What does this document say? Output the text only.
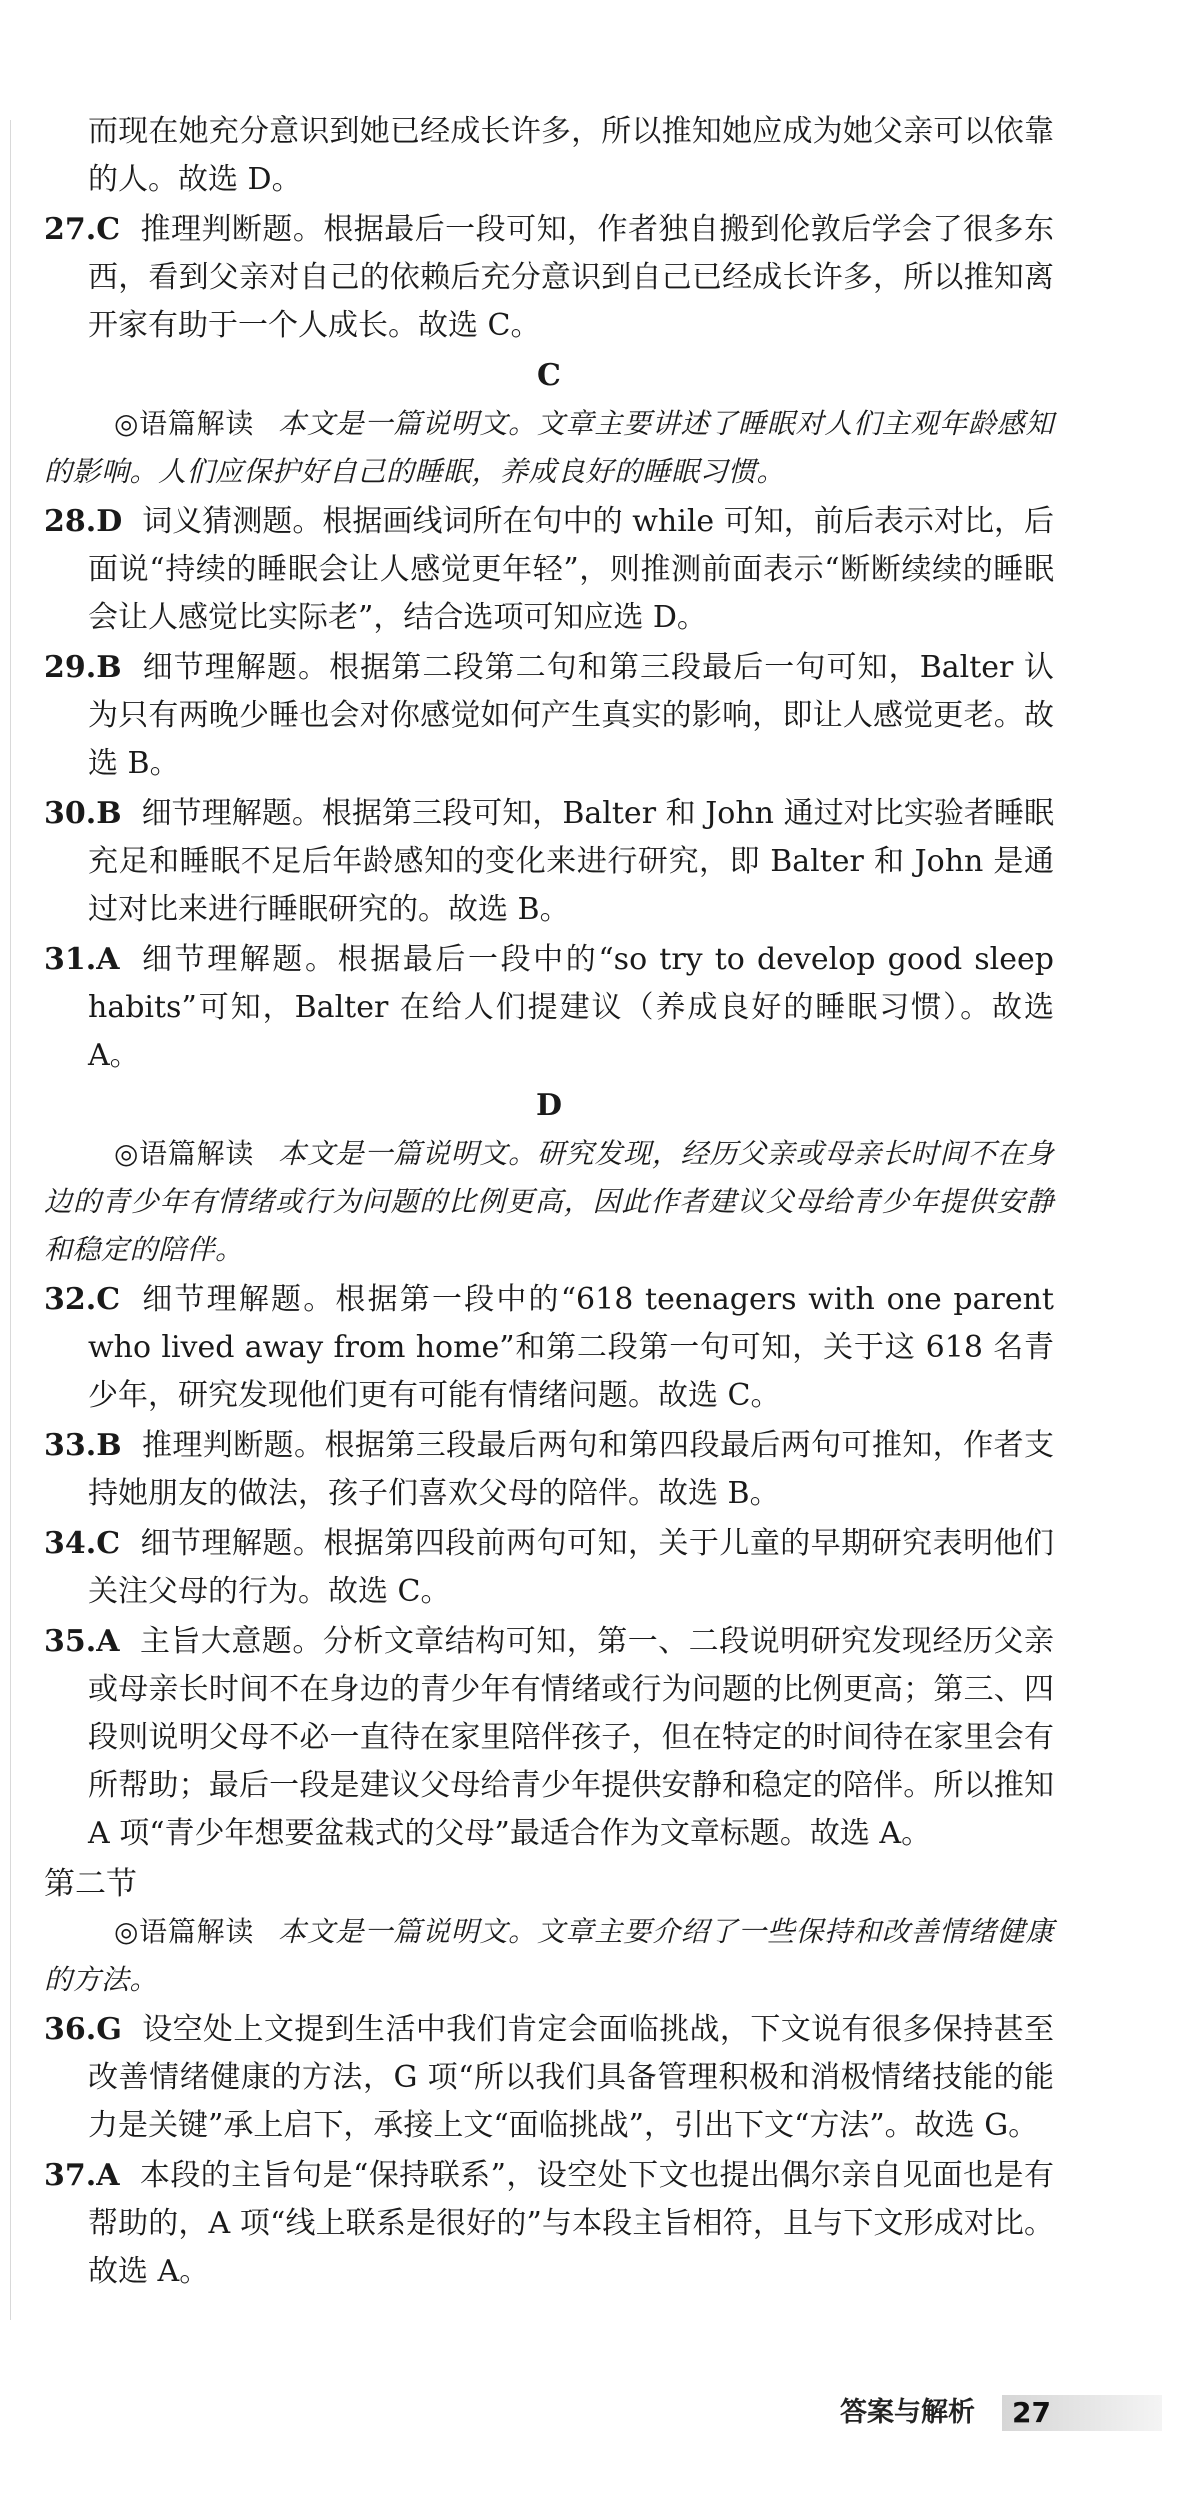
而现在她充分意识到她已经成长许多，所以推知她应成为她父亲可以依靠的人。故选 D。

27.C 推理判断题。根据最后一段可知，作者独自搬到伦敦后学会了很多东西，看到父亲对自己的依赖后充分意识到自己已经成长许多，所以推知离开家有助于一个人成长。故选 C。

C

◎语篇解读 本文是一篇说明文。文章主要讲述了睡眠对人们主观年龄感知的影响。人们应保护好自己的睡眠，养成良好的睡眠习惯。

28.D 词义猜测题。根据画线词所在句中的 while 可知，前后表示对比，后面说“持续的睡眠会让人感觉更年轻”，则推测前面表示“断断续续的睡眠会让人感觉比实际老”，结合选项可知应选 D。

29.B 细节理解题。根据第二段第二句和第三段最后一句可知，Balter 认为只有两晚少睡也会对你感觉如何产生真实的影响，即让人感觉更老。故选 B。

30.B 细节理解题。根据第三段可知，Balter 和 John 通过对比实验者睡眠充足和睡眠不足后年龄感知的变化来进行研究，即 Balter 和 John 是通过对比来进行睡眠研究的。故选 B。

31.A 细节理解题。根据最后一段中的“so try to develop good sleep habits”可知，Balter 在给人们提建议（养成良好的睡眠习惯）。故选 A。

D

◎语篇解读 本文是一篇说明文。研究发现，经历父亲或母亲长时间不在身边的青少年有情绪或行为问题的比例更高，因此作者建议父母给青少年提供安静和稳定的陪伴。

32.C 细节理解题。根据第一段中的“618 teenagers with one parent who lived away from home”和第二段第一句可知，关于这 618 名青少年，研究发现他们更有可能有情绪问题。故选 C。

33.B 推理判断题。根据第三段最后两句和第四段最后两句可推知，作者支持她朋友的做法，孩子们喜欢父母的陪伴。故选 B。

34.C 细节理解题。根据第四段前两句可知，关于儿童的早期研究表明他们关注父母的行为。故选 C。

35.A 主旨大意题。分析文章结构可知，第一、二段说明研究发现经历父亲或母亲长时间不在身边的青少年有情绪或行为问题的比例更高；第三、四段则说明父母不必一直待在家里陪伴孩子，但在特定的时间待在家里会有所帮助；最后一段是建议父母给青少年提供安静和稳定的陪伴。所以推知 A 项“青少年想要盆栽式的父母”最适合作为文章标题。故选 A。

第二节

◎语篇解读 本文是一篇说明文。文章主要介绍了一些保持和改善情绪健康的方法。

36.G 设空处上文提到生活中我们肯定会面临挑战，下文说有很多保持甚至改善情绪健康的方法，G 项“所以我们具备管理积极和消极情绪技能的能力是关键”承上启下，承接上文“面临挑战”，引出下文“方法”。故选 G。

37.A 本段的主旨句是“保持联系”，设空处下文也提出偶尔亲自见面也是有帮助的，A 项“线上联系是很好的”与本段主旨相符，且与下文形成对比。故选 A。

答案与解析 27
